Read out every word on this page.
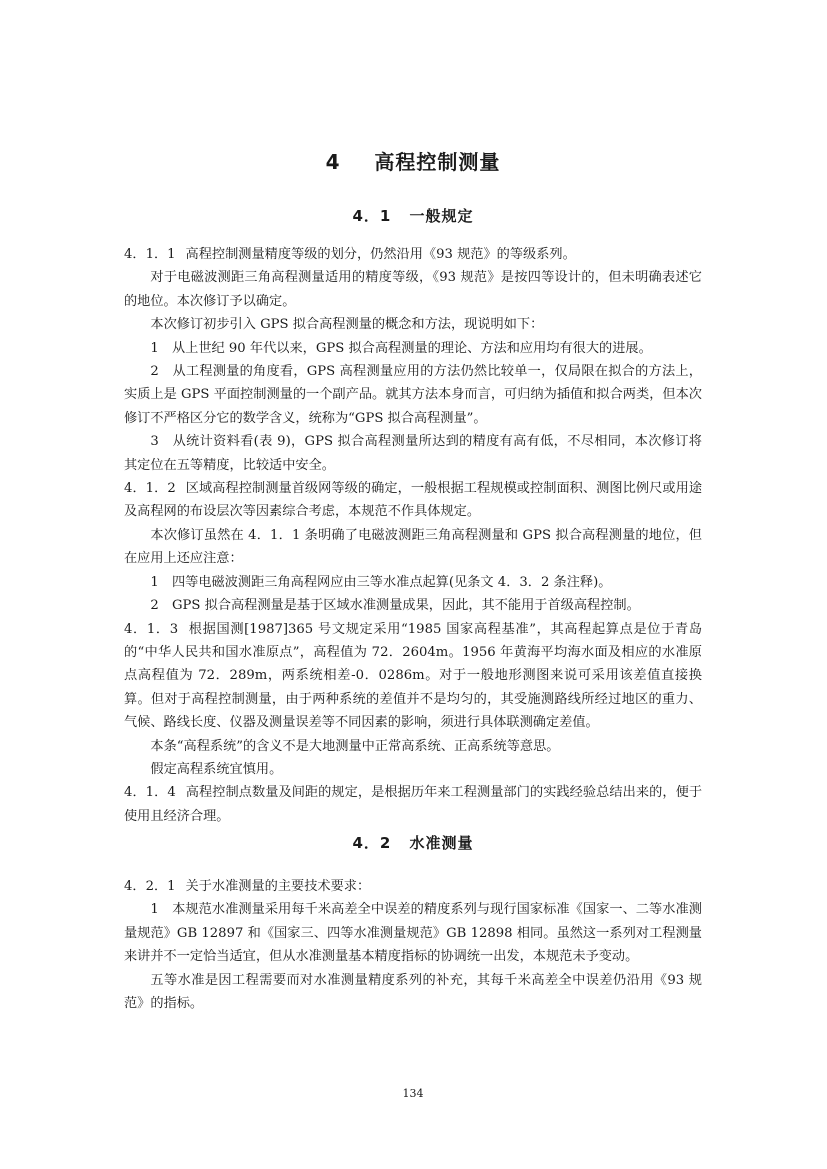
4 高程控制测量
4．1 一般规定

4．1．1 高程控制测量精度等级的划分，仍然沿用《93 规范》的等级系列。

对于电磁波测距三角高程测量适用的精度等级，《93 规范》是按四等设计的，但未明确表述它的地位。本次修订予以确定。

本次修订初步引入 GPS 拟合高程测量的概念和方法，现说明如下：

1　从上世纪 90 年代以来，GPS 拟合高程测量的理论、方法和应用均有很大的进展。

2　从工程测量的角度看，GPS 高程测量应用的方法仍然比较单一，仅局限在拟合的方法上，实质上是 GPS 平面控制测量的一个副产品。就其方法本身而言，可归纳为插值和拟合两类，但本次修订不严格区分它的数学含义，统称为“GPS 拟合高程测量”。

3　从统计资料看(表 9)，GPS 拟合高程测量所达到的精度有高有低，不尽相同，本次修订将其定位在五等精度，比较适中安全。

4．1．2 区域高程控制测量首级网等级的确定，一般根据工程规模或控制面积、测图比例尺或用途及高程网的布设层次等因素综合考虑，本规范不作具体规定。

本次修订虽然在 4．1．1 条明确了电磁波测距三角高程测量和 GPS 拟合高程测量的地位，但在应用上还应注意：

1　四等电磁波测距三角高程网应由三等水准点起算(见条文 4．3．2 条注释)。

2　GPS 拟合高程测量是基于区域水准测量成果，因此，其不能用于首级高程控制。

4．1．3 根据国测[1987]365 号文规定采用“1985 国家高程基准”，其高程起算点是位于青岛的“中华人民共和国水准原点”，高程值为 72．2604m。1956 年黄海平均海水面及相应的水准原点高程值为 72．289m，两系统相差-0．0286m。对于一般地形测图来说可采用该差值直接换算。但对于高程控制测量，由于两种系统的差值并不是均匀的，其受施测路线所经过地区的重力、气候、路线长度、仪器及测量误差等不同因素的影响，须进行具体联测确定差值。

本条“高程系统”的含义不是大地测量中正常高系统、正高系统等意思。

假定高程系统宜慎用。

4．1．4 高程控制点数量及间距的规定，是根据历年来工程测量部门的实践经验总结出来的，便于使用且经济合理。

4．2 水准测量

4．2．1 关于水准测量的主要技术要求：

1　本规范水准测量采用每千米高差全中误差的精度系列与现行国家标准《国家一、二等水准测量规范》GB 12897 和《国家三、四等水准测量规范》GB 12898 相同。虽然这一系列对工程测量来讲并不一定恰当适宜，但从水准测量基本精度指标的协调统一出发，本规范未予变动。

五等水准是因工程需要而对水准测量精度系列的补充，其每千米高差全中误差仍沿用《93 规范》的指标。

134
